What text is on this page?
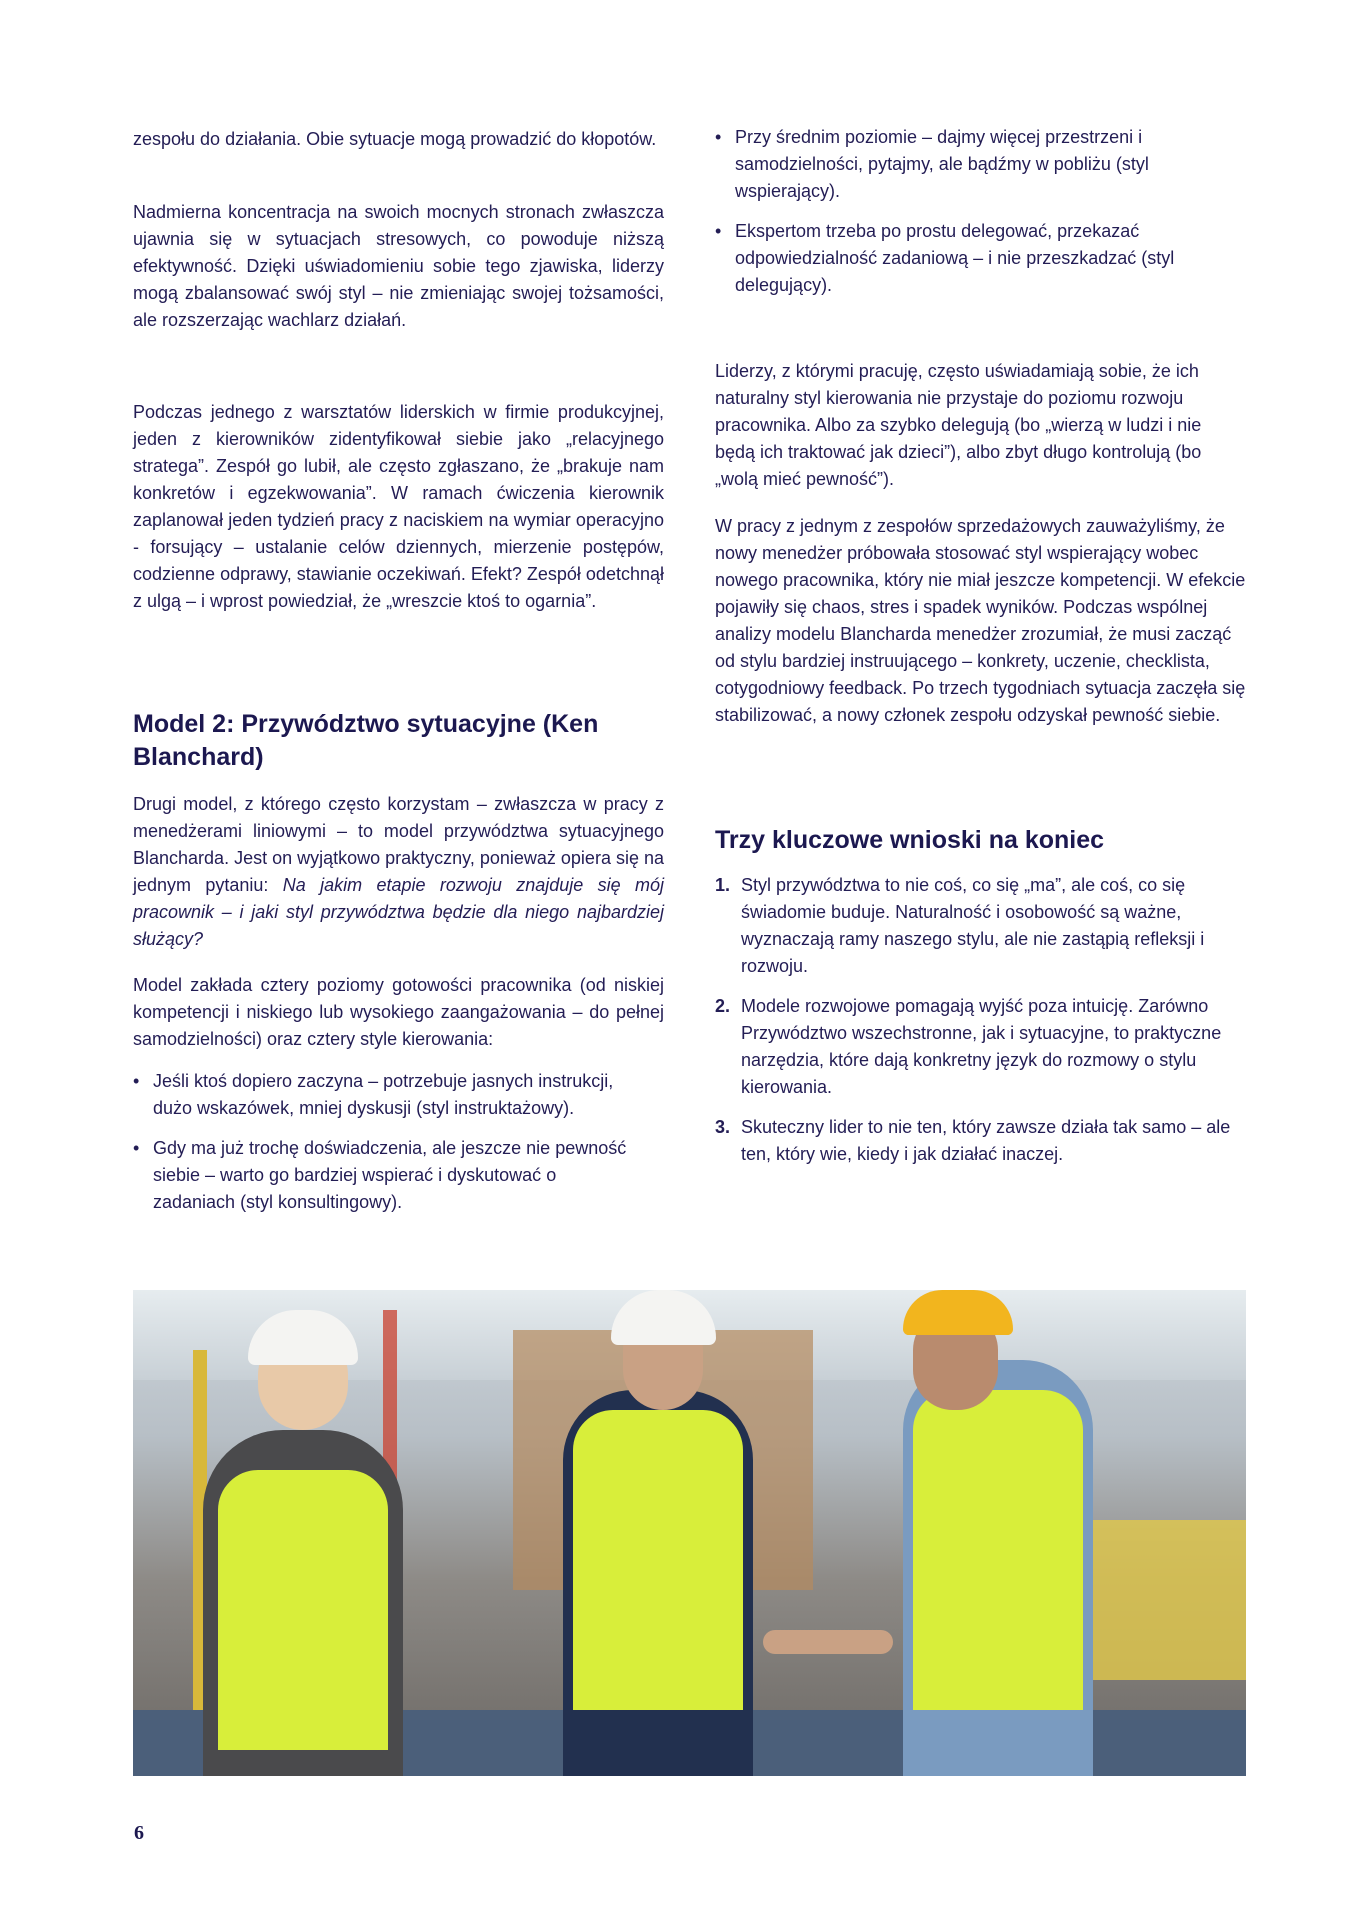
zespołu do działania. Obie sytuacje mogą prowadzić do kłopotów.

Nadmierna koncentracja na swoich mocnych stronach zwłaszcza ujawnia się w sytuacjach stresowych, co powoduje niższą efektywność. Dzięki uświadomieniu sobie tego zjawiska, liderzy mogą zbalansować swój styl – nie zmieniając swojej tożsamości, ale rozszerzając wachlarz działań.

Podczas jednego z warsztatów liderskich w firmie produkcyjnej, jeden z kierowników zidentyfikował siebie jako „relacyjnego stratega”. Zespół go lubił, ale często zgłaszano, że „brakuje nam konkretów i egzekwowania”. W ramach ćwiczenia kierownik zaplanował jeden tydzień pracy z naciskiem na wymiar operacyjno - forsujący – ustalanie celów dziennych, mierzenie postępów, codzienne odprawy, stawianie oczekiwań. Efekt? Zespół odetchnął z ulgą – i wprost powiedział, że „wreszcie ktoś to ogarnia”.

Model 2: Przywództwo sytuacyjne (Ken Blanchard)

Drugi model, z którego często korzystam – zwłaszcza w pracy z menedżerami liniowymi – to model przywództwa sytuacyjnego Blancharda. Jest on wyjątkowo praktyczny, ponieważ opiera się na jednym pytaniu: Na jakim etapie rozwoju znajduje się mój pracownik – i jaki styl przywództwa będzie dla niego najbardziej służący?

Model zakłada cztery poziomy gotowości pracownika (od niskiej kompetencji i niskiego lub wysokiego zaangażowania – do pełnej samodzielności) oraz cztery style kierowania:

• Jeśli ktoś dopiero zaczyna – potrzebuje jasnych instrukcji, dużo wskazówek, mniej dyskusji (styl instruktażowy).
• Gdy ma już trochę doświadczenia, ale jeszcze nie pewność siebie – warto go bardziej wspierać i dyskutować o zadaniach (styl konsultingowy).
• Przy średnim poziomie – dajmy więcej przestrzeni i samodzielności, pytajmy, ale bądźmy w pobliżu (styl wspierający).
• Ekspertom trzeba po prostu delegować, przekazać odpowiedzialność zadaniową – i nie przeszkadzać (styl delegujący).

Liderzy, z którymi pracuję, często uświadamiają sobie, że ich naturalny styl kierowania nie przystaje do poziomu rozwoju pracownika. Albo za szybko delegują (bo „wierzą w ludzi i nie będą ich traktować jak dzieci”), albo zbyt długo kontrolują (bo „wolą mieć pewność”).

W pracy z jednym z zespołów sprzedażowych zauważyliśmy, że nowy menedżer próbowała stosować styl wspierający wobec nowego pracownika, który nie miał jeszcze kompetencji. W efekcie pojawiły się chaos, stres i spadek wyników. Podczas wspólnej analizy modelu Blancharda menedżer zrozumiał, że musi zacząć od stylu bardziej instruującego – konkrety, uczenie, checklista, cotygodniowy feedback. Po trzech tygodniach sytuacja zaczęła się stabilizować, a nowy członek zespołu odzyskał pewność siebie.

Trzy kluczowe wnioski na koniec
1. Styl przywództwa to nie coś, co się „ma”, ale coś, co się świadomie buduje. Naturalność i osobowość są ważne, wyznaczają ramy naszego stylu, ale nie zastąpią refleksji i rozwoju.
2. Modele rozwojowe pomagają wyjść poza intuicję. Zarówno Przywództwo wszechstronne, jak i sytuacyjne, to praktyczne narzędzia, które dają konkretny język do rozmowy o stylu kierowania.
3. Skuteczny lider to nie ten, który zawsze działa tak samo – ale ten, który wie, kiedy i jak działać inaczej.
6
